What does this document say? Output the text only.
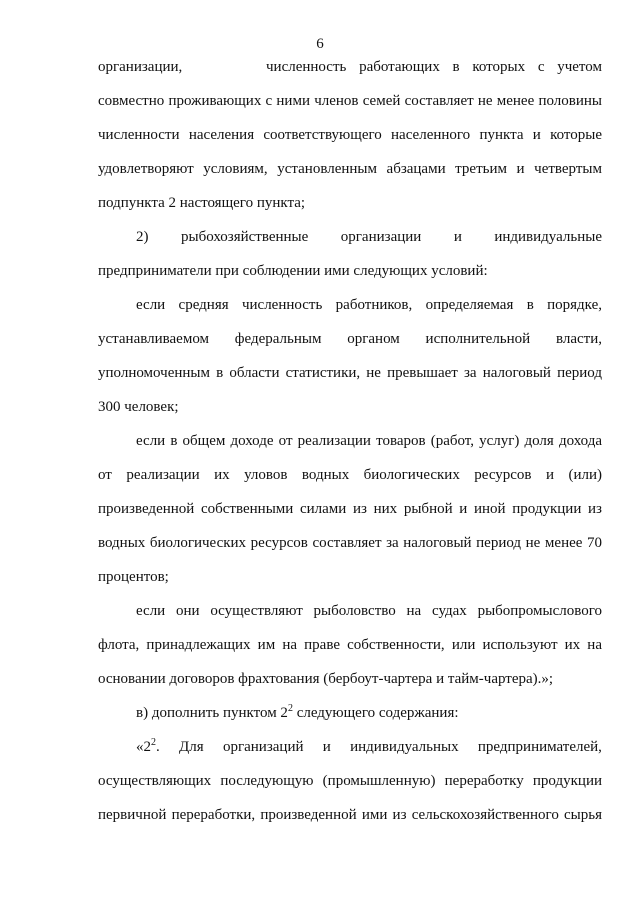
6
организации,	численность работающих в которых с учетом
совместно проживающих с ними членов семей составляет не менее половины
численности населения соответствующего населенного пункта и которые
удовлетворяют условиям, установленным абзацами третьим и четвертым
подпункта 2 настоящего пункта;
2) рыбохозяйственные организации и индивидуальные
предприниматели при соблюдении ими следующих условий:
если средняя численность работников, определяемая в порядке,
устанавливаемом федеральным органом исполнительной власти,
уполномоченным в области статистики, не превышает за налоговый период
300 человек;
если в общем доходе от реализации товаров (работ, услуг) доля дохода
от реализации их уловов водных биологических ресурсов и (или)
произведенной собственными силами из них рыбной и иной продукции из
водных биологических ресурсов составляет за налоговый период не менее 70
процентов;
если они осуществляют рыболовство на судах рыбопромыслового
флота, принадлежащих им на праве собственности, или используют их на
основании договоров фрахтования (бербоут-чартера и тайм-чартера).»;
в) дополнить пунктом $2^2$ следующего содержания:
«$2^2$. Для организаций и индивидуальных предпринимателей,
осуществляющих последующую (промышленную) переработку продукции
первичной переработки, произведенной ими из сельскохозяйственного сырья
